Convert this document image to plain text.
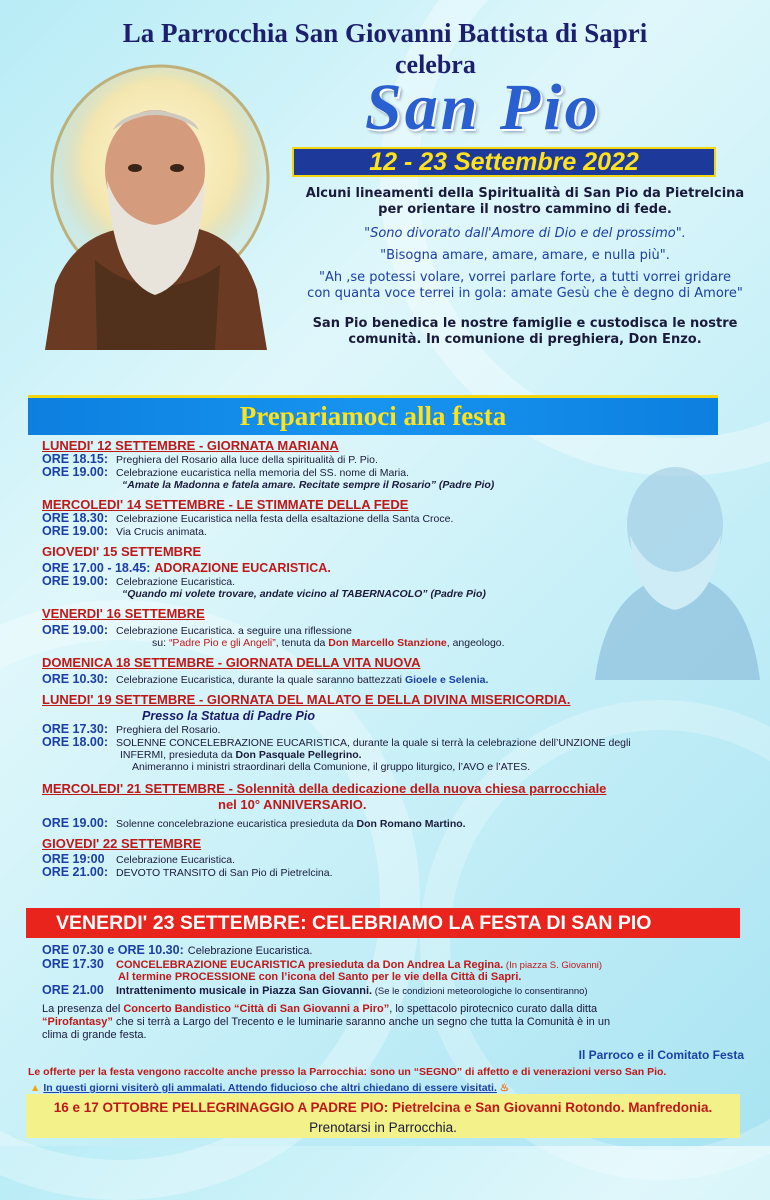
La Parrocchia San Giovanni Battista di Sapri
celebra
San Pio
12 - 23 Settembre 2022

Alcuni lineamenti della Spiritualità di San Pio da Pietrelcina

per orientare il nostro cammino di fede.

"Sono divorato dall'Amore di Dio e del prossimo".

"Bisogna amare, amare, amare, e nulla più".

"Ah ,se potessi volare, vorrei parlare forte, a tutti vorrei gridare

con quanta voce terrei in gola: amate Gesù che è degno di Amore"

San Pio benedica le nostre famiglie e custodisca le nostre

comunità. In comunione di preghiera, Don Enzo.

Prepariamoci alla festa
LUNEDI' 12 SETTEMBRE - GIORNATA MARIANA
ORE 18.15: Preghiera del Rosario alla luce della spiritualità di P. Pio.
ORE 19.00: Celebrazione eucaristica nella memoria del SS. nome di Maria.
“Amate la Madonna e fatela amare. Recitate sempre il Rosario” (Padre Pio)
MERCOLEDI' 14 SETTEMBRE - LE STIMMATE DELLA FEDE
ORE 18.30: Celebrazione Eucaristica nella festa della esaltazione della Santa Croce.
ORE 19.00: Via Crucis animata.
GIOVEDI' 15 SETTEMBRE
ORE 17.00 - 18.45: ADORAZIONE EUCARISTICA.
ORE 19.00: Celebrazione Eucaristica.
“Quando mi volete trovare, andate vicino al TABERNACOLO” (Padre Pio)
VENERDI' 16 SETTEMBRE
ORE 19.00: Celebrazione Eucaristica. a seguire una riflessione
su: “Padre Pio e gli Angeli”, tenuta da Don Marcello Stanzione, angeologo.
DOMENICA 18 SETTEMBRE - GIORNATA DELLA VITA NUOVA
ORE 10.30: Celebrazione Eucaristica, durante la quale saranno battezzati Gioele e Selenia.
LUNEDI' 19 SETTEMBRE - GIORNATA DEL MALATO E DELLA DIVINA MISERICORDIA.
Presso la Statua di Padre Pio
ORE 17.30: Preghiera del Rosario.
ORE 18.00: SOLENNE CONCELEBRAZIONE EUCARISTICA, durante la quale si terrà la celebrazione dell’UNZIONE degli
INFERMI, presieduta da Don Pasquale Pellegrino.
Animeranno i ministri straordinari della Comunione, il gruppo liturgico, l’AVO e l’ATES.
MERCOLEDI' 21 SETTEMBRE - Solennità della dedicazione della nuova chiesa parrocchiale
nel 10° ANNIVERSARIO.
ORE 19.00: Solenne concelebrazione eucaristica presieduta da Don Romano Martino.
GIOVEDI' 22 SETTEMBRE
ORE 19:00 Celebrazione Eucaristica.
ORE 21.00: DEVOTO TRANSITO di San Pio di Pietrelcina.
VENERDI' 23 SETTEMBRE: CELEBRIAMO LA FESTA DI SAN PIO
ORE 07.30 e ORE 10.30: Celebrazione Eucaristica.
ORE 17.30 CONCELEBRAZIONE EUCARISTICA presieduta da Don Andrea La Regina. (In piazza S. Giovanni)
Al termine PROCESSIONE con l’icona del Santo per le vie della Città di Sapri.
ORE 21.00 Intrattenimento musicale in Piazza San Giovanni. (Se le condizioni meteorologiche lo consentiranno)
La presenza del Concerto Bandistico “Città di San Giovanni a Piro”, lo spettacolo pirotecnico curato dalla ditta
“Pirofantasy” che si terrà a Largo del Trecento e le luminarie saranno anche un segno che tutta la Comunità è in un
clima di grande festa.
Il Parroco e il Comitato Festa
Le offerte per la festa vengono raccolte anche presso la Parrocchia: sono un “SEGNO” di affetto e di venerazioni verso San Pio.
▲ In questi giorni visiterò gli ammalati. Attendo fiducioso che altri chiedano di essere visitati. ♨
16 e 17 OTTOBRE PELLEGRINAGGIO A PADRE PIO: Pietrelcina e San Giovanni Rotondo. Manfredonia.
Prenotarsi in Parrocchia.
